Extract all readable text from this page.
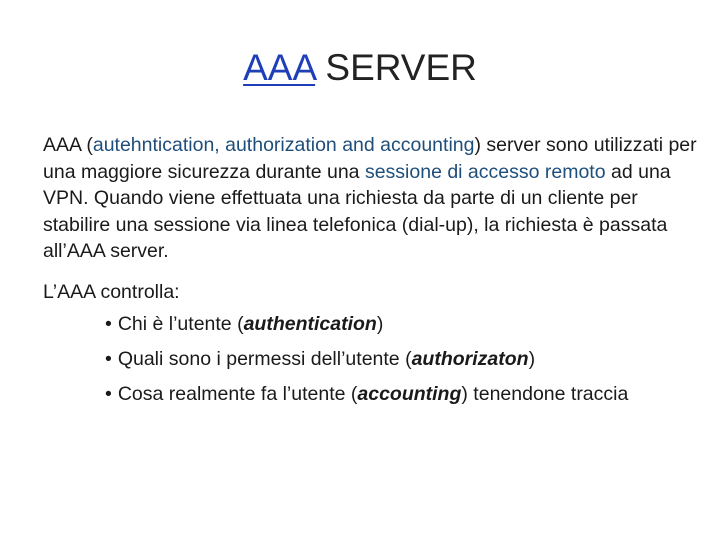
AAA SERVER

AAA (autehntication, authorization and accounting) server sono utilizzati per una maggiore sicurezza durante una sessione di accesso remoto ad una VPN. Quando viene effettuata una richiesta da parte di un cliente per stabilire una sessione via linea telefonica (dial-up), la richiesta è passata all’AAA server.

L’AAA controlla:
• Chi è l’utente (authentication)
• Quali sono i permessi dell’utente (authorizaton)
• Cosa realmente fa l’utente (accounting) tenendone traccia
